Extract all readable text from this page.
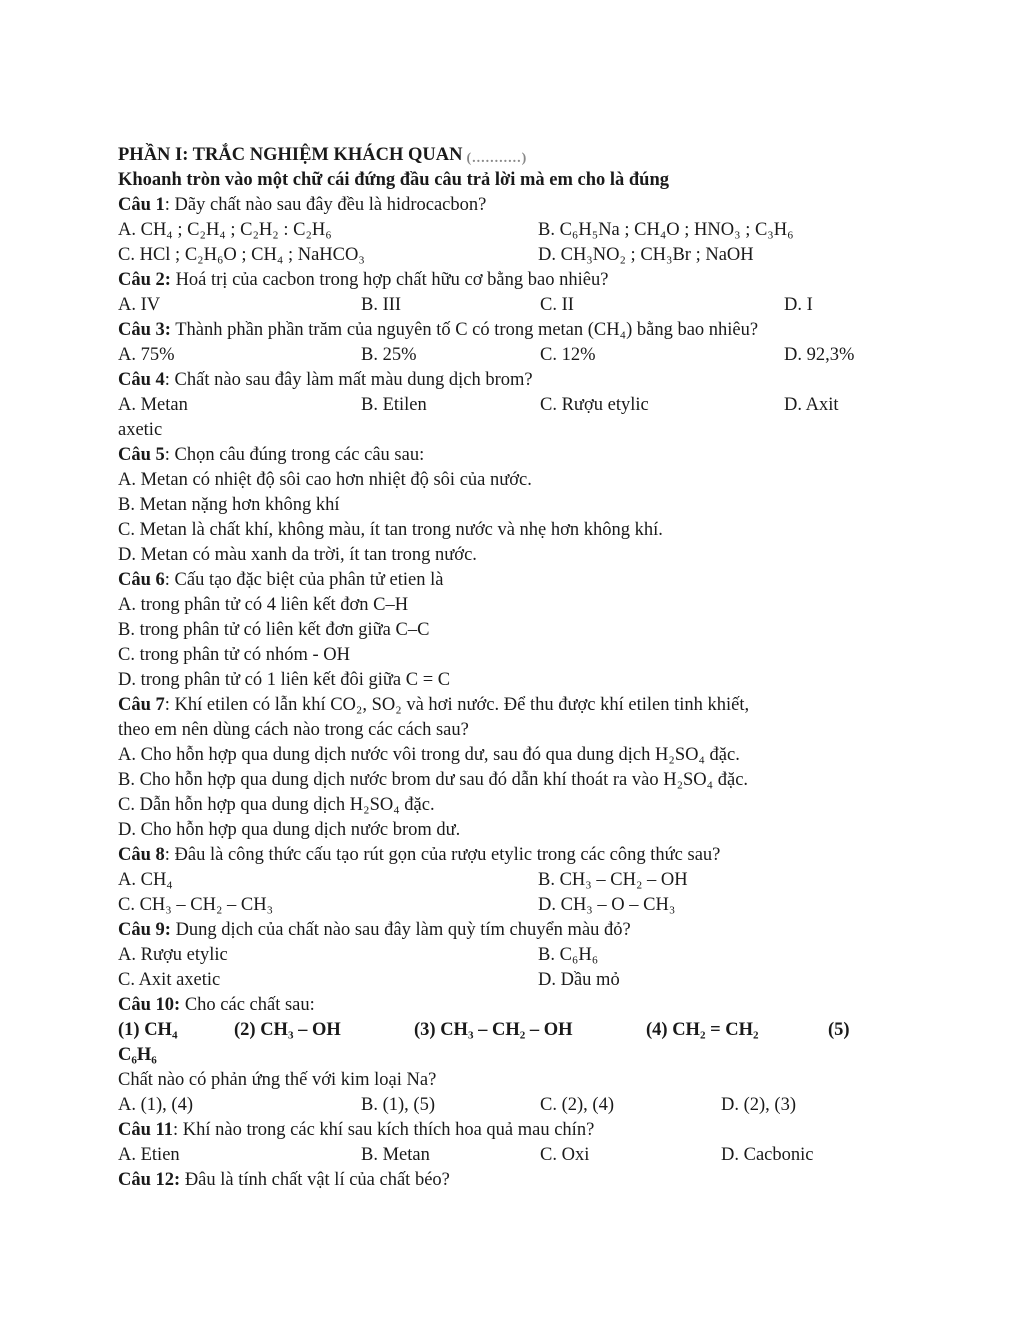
PHẦN I: TRẮC NGHIỆM KHÁCH QUAN (...........)
Khoanh tròn vào một chữ cái đứng đầu câu trả lời mà em cho là đúng
Câu 1: Dãy chất nào sau đây đều là hidrocacbon?
A. CH₄ ; C₂H₄ ; C₂H₂ : C₂H₆	B. C₆H₅Na ; CH₄O ; HNO₃ ; C₃H₆
C. HCl ; C₂H₆O ; CH₄ ; NaHCO₃	D. CH₃NO₂ ; CH₃Br ; NaOH
Câu 2: Hoá trị của cacbon trong hợp chất hữu cơ bằng bao nhiêu?
A. IV	B. III	C. II	D. I
Câu 3: Thành phần phần trăm của nguyên tố C có trong metan (CH₄) bằng bao nhiêu?
A. 75%	B. 25%	C. 12%	D. 92,3%
Câu 4: Chất nào sau đây làm mất màu dung dịch brom?
A. Metan	B. Etilen	C. Rượu etylic	D. Axit
axetic
Câu 5: Chọn câu đúng trong các câu sau:
A. Metan có nhiệt độ sôi cao hơn nhiệt độ sôi của nước.
B. Metan nặng hơn không khí
C. Metan là chất khí, không màu, ít tan trong nước và nhẹ hơn không khí.
D. Metan có màu xanh da trời, ít tan trong nước.
Câu 6: Cấu tạo đặc biệt của phân tử etien là
A. trong phân tử có 4 liên kết đơn C–H
B. trong phân tử có liên kết đơn giữa C–C
C. trong phân tử có nhóm - OH
D. trong phân tử có 1 liên kết đôi giữa C = C
Câu 7: Khí etilen có lẫn khí CO₂, SO₂ và hơi nước. Để thu được khí etilen tinh khiết,
theo em nên dùng cách nào trong các cách sau?
A. Cho hỗn hợp qua dung dịch nước vôi trong dư, sau đó qua dung dịch H₂SO₄ đặc.
B. Cho hỗn hợp qua dung dịch nước brom dư sau đó dẫn khí thoát ra vào H₂SO₄ đặc.
C. Dẫn hỗn hợp qua dung dịch H₂SO₄ đặc.
D. Cho hỗn hợp qua dung dịch nước brom dư.
Câu 8: Đâu là công thức cấu tạo rút gọn của rượu etylic trong các công thức sau?
A. CH₄	B. CH₃ – CH₂ – OH
C. CH₃ – CH₂ – CH₃	D. CH₃ – O – CH₃
Câu 9: Dung dịch của chất nào sau đây làm quỳ tím chuyển màu đỏ?
A. Rượu etylic	B. C₆H₆
C. Axit axetic	D. Dầu mỏ
Câu 10: Cho các chất sau:
(1) CH₄	(2) CH₃ – OH	(3) CH₃ – CH₂ – OH	(4) CH₂ = CH₂	(5)
C₆H₆
Chất nào có phản ứng thế với kim loại Na?
A. (1), (4)	B. (1), (5)	C. (2), (4)	D. (2), (3)
Câu 11: Khí nào trong các khí sau kích thích hoa quả mau chín?
A. Etien	B. Metan	C. Oxi	D. Cacbonic
Câu 12: Đâu là tính chất vật lí của chất béo?
